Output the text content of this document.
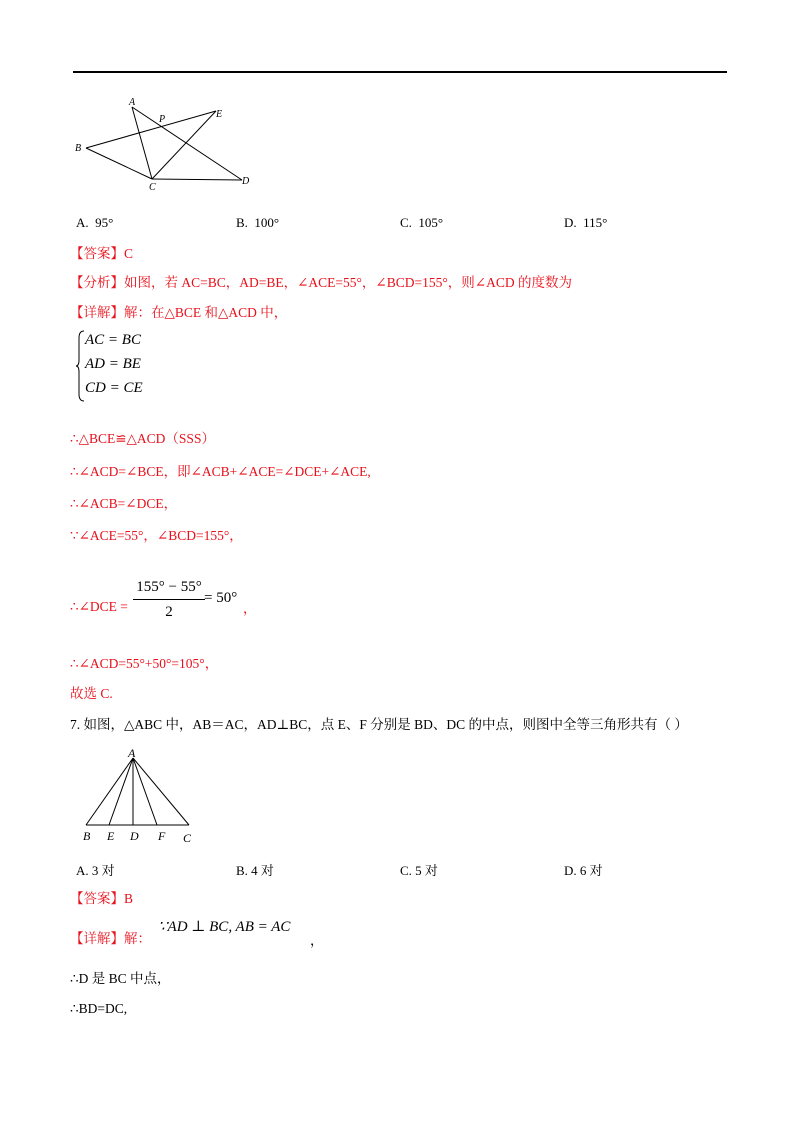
A
P	E
B
C
D
A. 95°	B. 100°	C. 105°	D. 115°
【答案】C
【分析】如图，若 AC=BC，AD=BE，∠ACE=55°，∠BCD=155°，则∠ACD 的度数为
【详解】解：在△BCE 和△ACD 中，
AC = BC
AD = BE
CD = CE
∴△BCE≌△ACD（SSS）
∴∠ACD=∠BCE，即∠ACB+∠ACE=∠DCE+∠ACE,
∴∠ACB=∠DCE，
∵∠ACE=55°，∠BCD=155°，
∴∠DCE =
155° − 55°
2
= 50°
，
∴∠ACD=55°+50°=105°，
故选 C.
7. 如图，△ABC 中，AB＝AC，AD⊥BC，点 E、F 分别是 BD、DC 的中点，则图中全等三角形共有（ ）
A
B E D F C
A. 3 对	B. 4 对	C. 5 对	D. 6 对
【答案】B
【详解】解：
∵AD ⊥ BC, AB = AC
，
∴D 是 BC 中点，
∴BD=DC,
